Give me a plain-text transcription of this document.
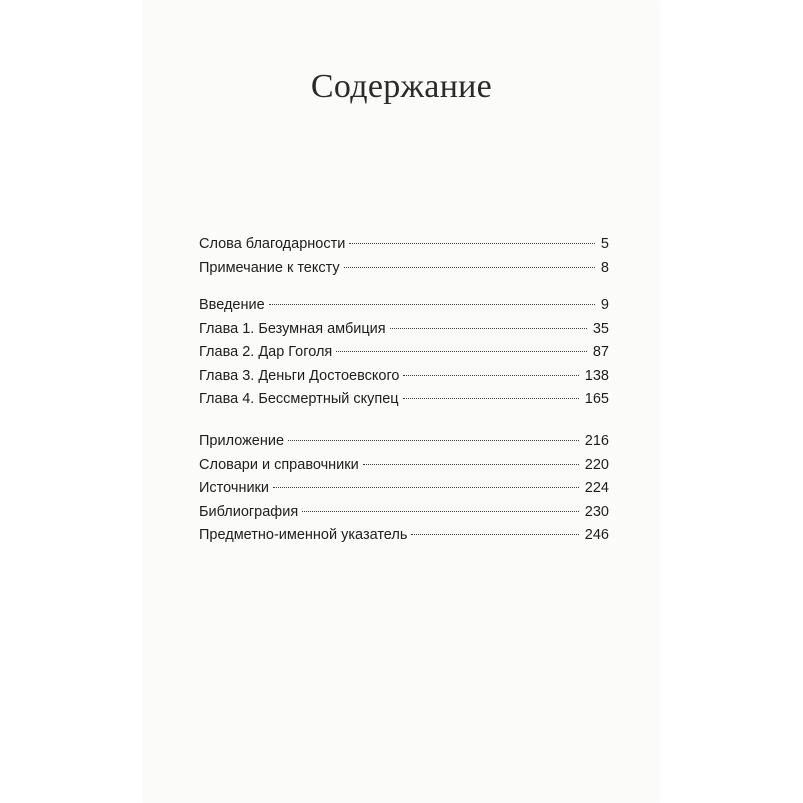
Содержание
Слова благодарности	5
Примечание к тексту	8
Введение	9
Глава 1. Безумная амбиция	35
Глава 2. Дар Гоголя	87
Глава 3. Деньги Достоевского	138
Глава 4. Бессмертный скупец	165
Приложение	216
Словари и справочники	220
Источники	224
Библиография	230
Предметно-именной указатель	246
